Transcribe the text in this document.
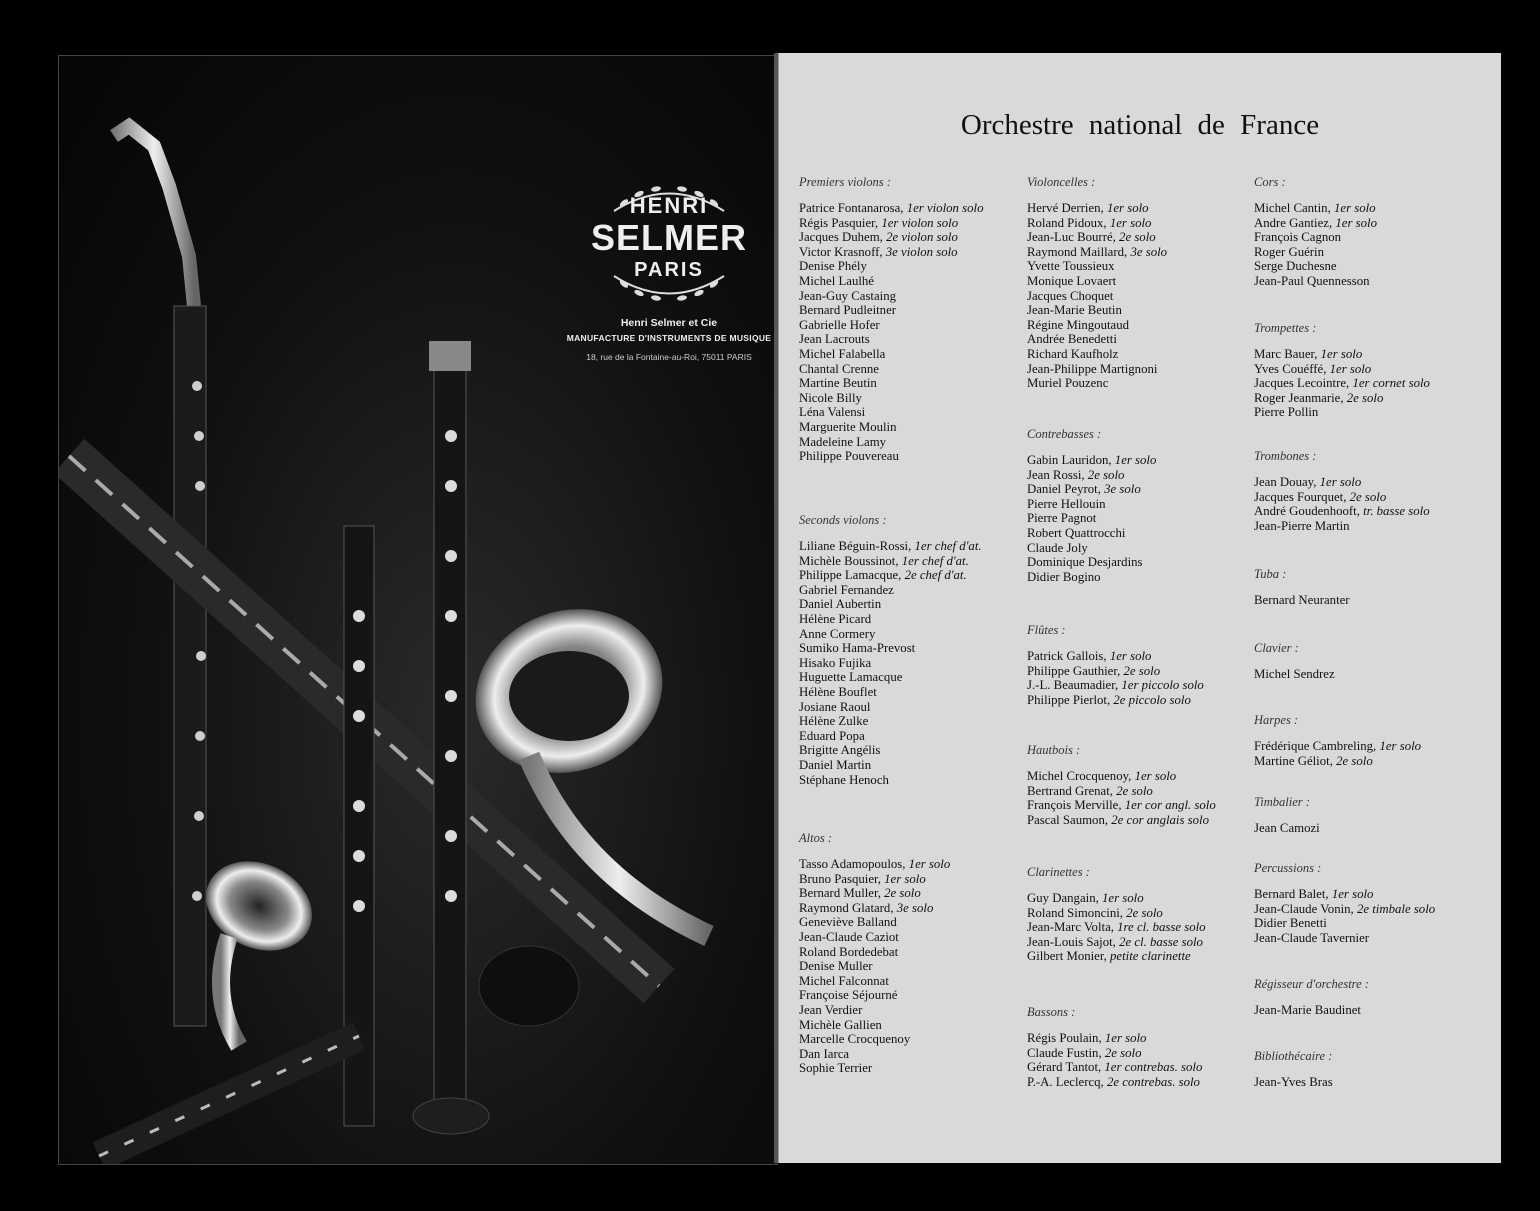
HENRI
SELMER
PARIS
Henri Selmer et Cie
MANUFACTURE D'INSTRUMENTS DE MUSIQUE
18, rue de la Fontaine-au-Roi, 75011 PARIS
Orchestre national de France
Premiers violons :
Patrice Fontanarosa, 1er violon solo
Régis Pasquier, 1er violon solo
Jacques Duhem, 2e violon solo
Victor Krasnoff, 3e violon solo
Denise Phély
Michel Laulhé
Jean-Guy Castaing
Bernard Pudleitner
Gabrielle Hofer
Jean Lacrouts
Michel Falabella
Chantal Crenne
Martine Beutin
Nicole Billy
Léna Valensi
Marguerite Moulin
Madeleine Lamy
Philippe Pouvereau
Seconds violons :
Liliane Béguin-Rossi, 1er chef d'at.
Michèle Boussinot, 1er chef d'at.
Philippe Lamacque, 2e chef d'at.
Gabriel Fernandez
Daniel Aubertin
Hélène Picard
Anne Cormery
Sumiko Hama-Prevost
Hisako Fujika
Huguette Lamacque
Hélène Bouflet
Josiane Raoul
Hélène Zulke
Eduard Popa
Brigitte Angélis
Daniel Martin
Stéphane Henoch
Altos :
Tasso Adamopoulos, 1er solo
Bruno Pasquier, 1er solo
Bernard Muller, 2e solo
Raymond Glatard, 3e solo
Geneviève Balland
Jean-Claude Caziot
Roland Bordedebat
Denise Muller
Michel Falconnat
Françoise Séjourné
Jean Verdier
Michèle Gallien
Marcelle Crocquenoy
Dan Iarca
Sophie Terrier
Violoncelles :
Hervé Derrien, 1er solo
Roland Pidoux, 1er solo
Jean-Luc Bourré, 2e solo
Raymond Maillard, 3e solo
Yvette Toussieux
Monique Lovaert
Jacques Choquet
Jean-Marie Beutin
Régine Mingoutaud
Andrée Benedetti
Richard Kaufholz
Jean-Philippe Martignoni
Muriel Pouzenc
Contrebasses :
Gabin Lauridon, 1er solo
Jean Rossi, 2e solo
Daniel Peyrot, 3e solo
Pierre Hellouin
Pierre Pagnot
Robert Quattrocchi
Claude Joly
Dominique Desjardins
Didier Bogino
Flûtes :
Patrick Gallois, 1er solo
Philippe Gauthier, 2e solo
J.-L. Beaumadier, 1er piccolo solo
Philippe Pierlot, 2e piccolo solo
Hautbois :
Michel Crocquenoy, 1er solo
Bertrand Grenat, 2e solo
François Merville, 1er cor angl. solo
Pascal Saumon, 2e cor anglais solo
Clarinettes :
Guy Dangain, 1er solo
Roland Simoncini, 2e solo
Jean-Marc Volta, 1re cl. basse solo
Jean-Louis Sajot, 2e cl. basse solo
Gilbert Monier, petite clarinette
Bassons :
Régis Poulain, 1er solo
Claude Fustin, 2e solo
Gérard Tantot, 1er contrebas. solo
P.-A. Leclercq, 2e contrebas. solo
Cors :
Michel Cantin, 1er solo
Andre Gantiez, 1er solo
François Cagnon
Roger Guérin
Serge Duchesne
Jean-Paul Quennesson
Trompettes :
Marc Bauer, 1er solo
Yves Couéffé, 1er solo
Jacques Lecointre, 1er cornet solo
Roger Jeanmarie, 2e solo
Pierre Pollin
Trombones :
Jean Douay, 1er solo
Jacques Fourquet, 2e solo
André Goudenhooft, tr. basse solo
Jean-Pierre Martin
Tuba :
Bernard Neuranter
Clavier :
Michel Sendrez
Harpes :
Frédérique Cambreling, 1er solo
Martine Géliot, 2e solo
Timbalier :
Jean Camozi
Percussions :
Bernard Balet, 1er solo
Jean-Claude Vonin, 2e timbale solo
Didier Benetti
Jean-Claude Tavernier
Régisseur d'orchestre :
Jean-Marie Baudinet
Bibliothécaire :
Jean-Yves Bras
